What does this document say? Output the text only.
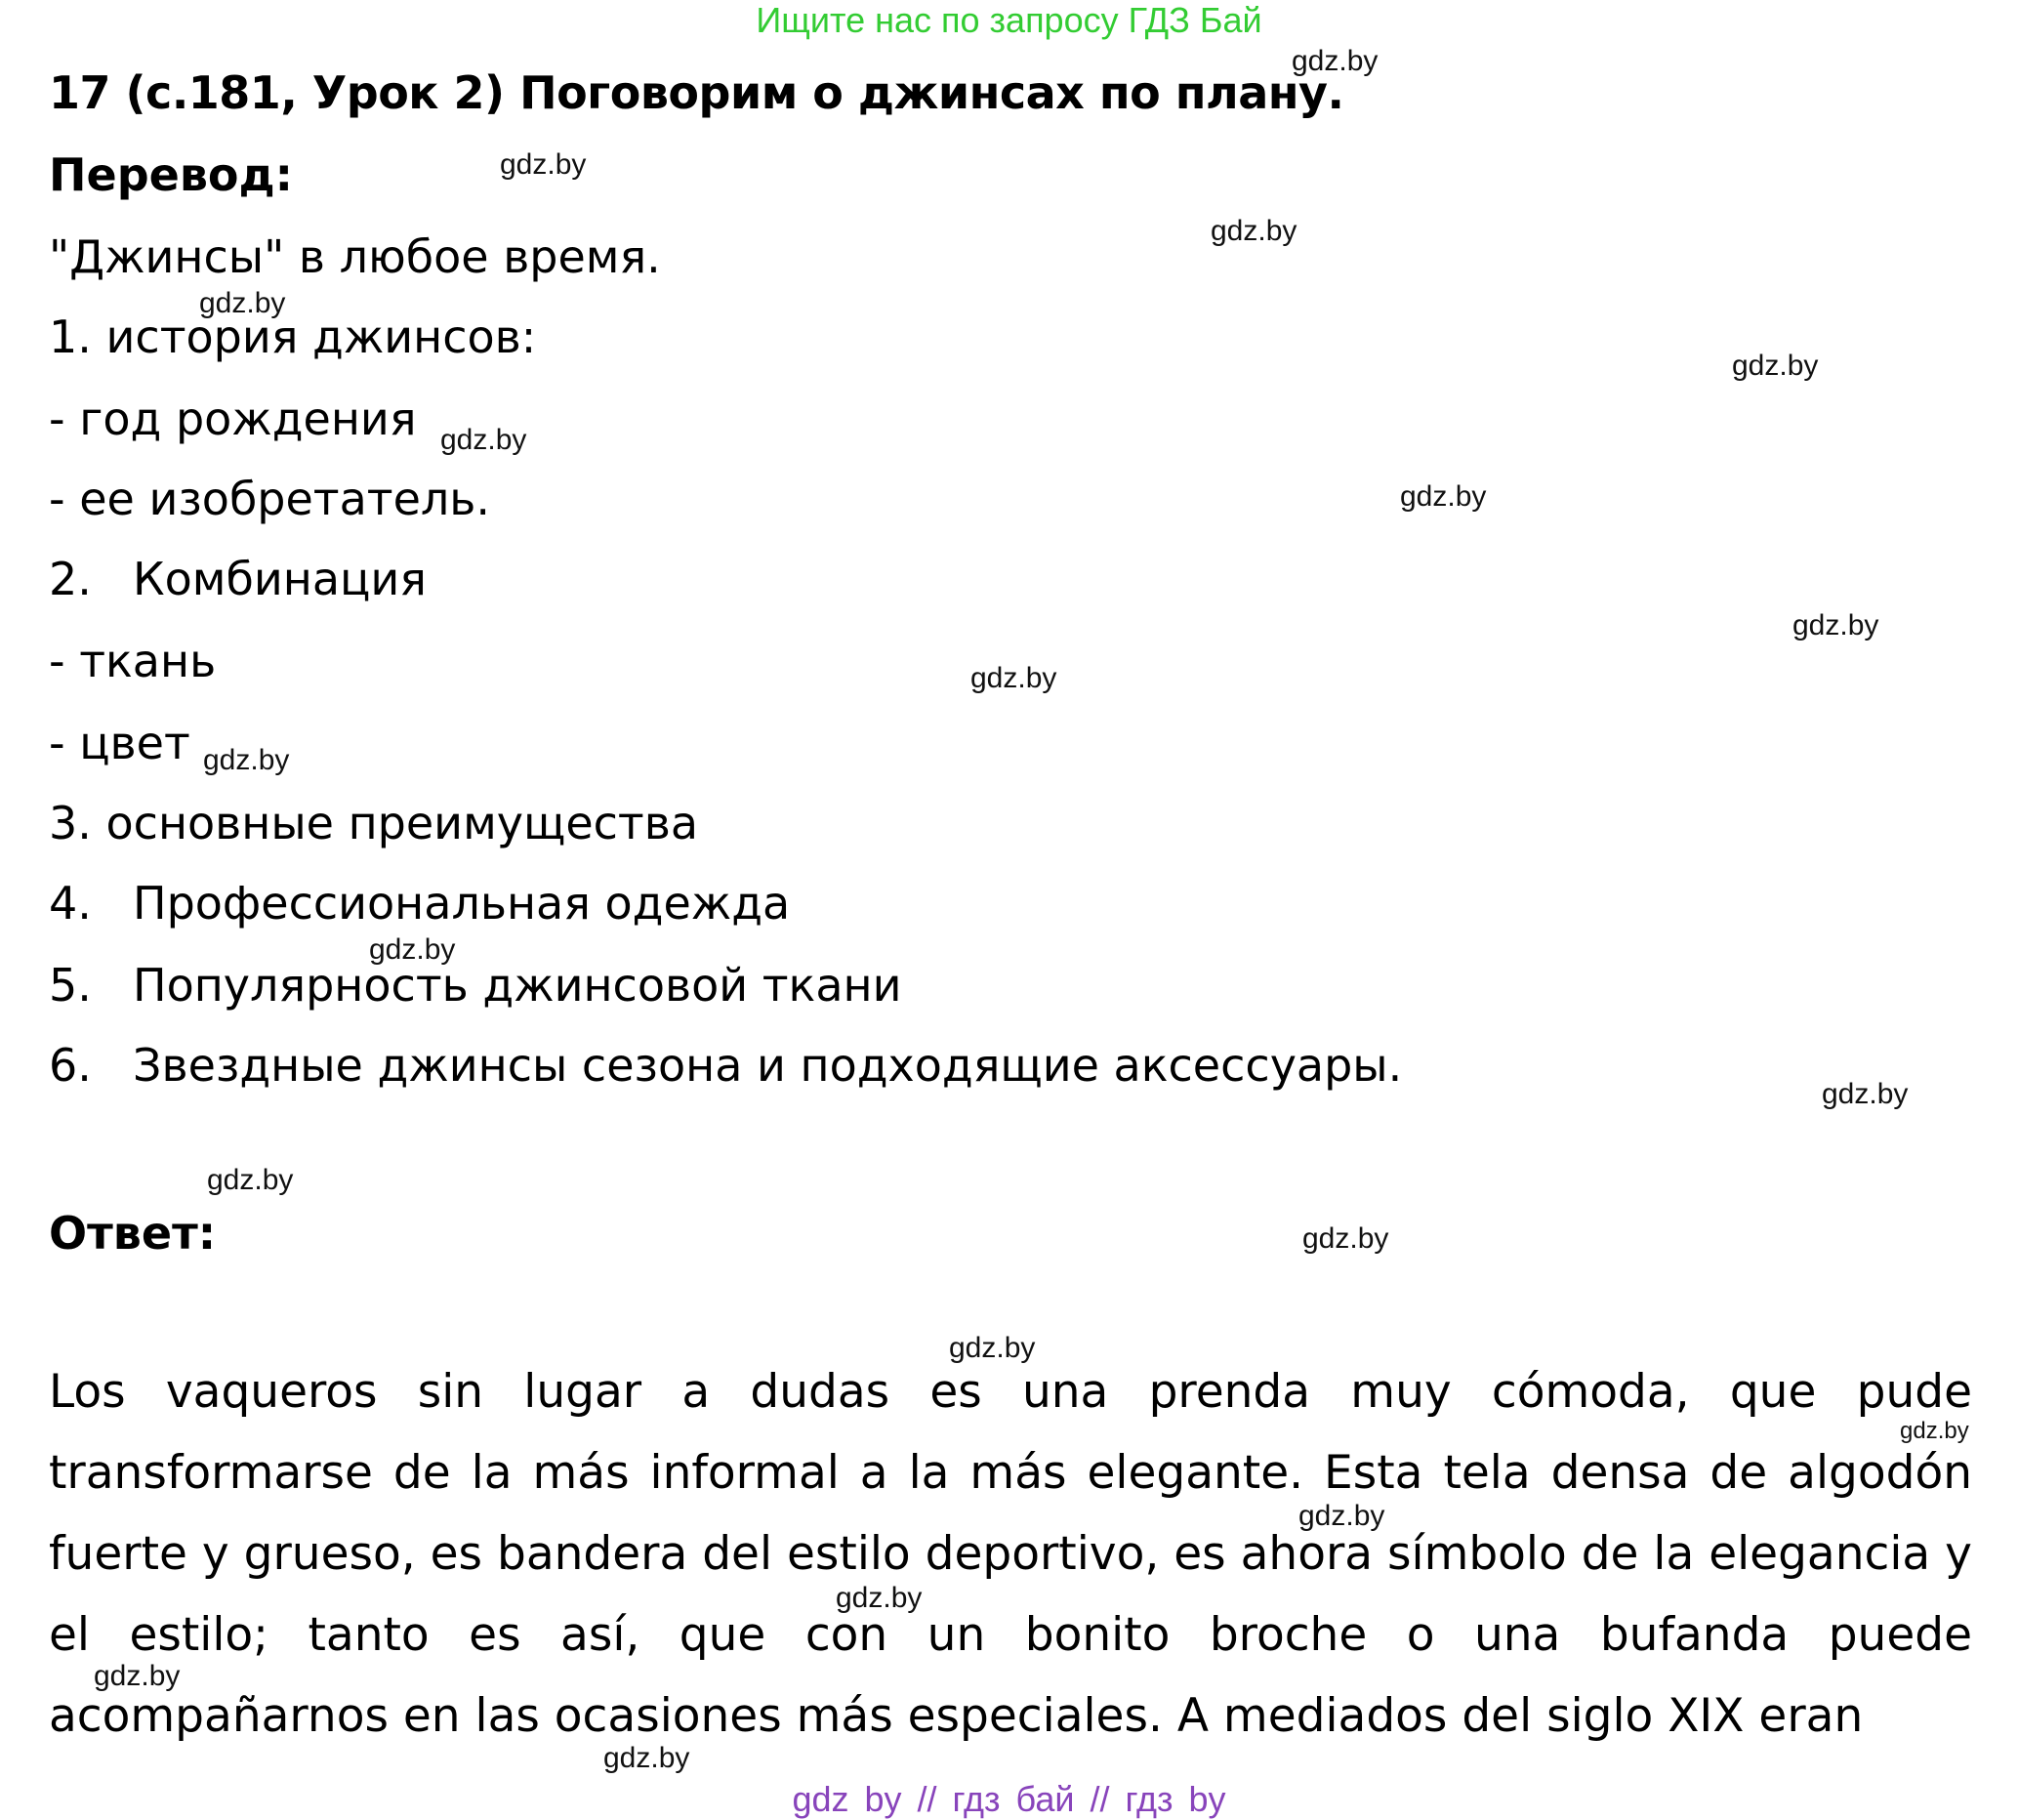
Ищите нас по запросу ГДЗ Бай
17 (с.181, Урок 2) Поговорим о джинсах по плану.
Перевод:
"Джинсы" в любое время.
1. история джинсов:
- год рождения
- ее изобретатель.
2. Комбинация
- ткань
- цвет
3. основные преимущества
4. Профессиональная одежда
5. Популярность джинсовой ткани
6. Звездные джинсы сезона и подходящие аксессуары.
Ответ:

Los vaqueros sin lugar a dudas es una prenda muy cómoda, que pude transformarse de la más informal a la más elegante. Esta tela densa de algodón fuerte y grueso, es bandera del estilo deportivo, es ahora símbolo de la elegancia y el estilo; tanto es así, que con un bonito broche o una bufanda puede acompañarnos en las ocasiones más especiales. A mediados del siglo XIX eran

gdz.by
gdz.by
gdz.by
gdz.by
gdz.by
gdz.by
gdz.by
gdz.by
gdz.by
gdz.by
gdz.by
gdz.by
gdz.by
gdz.by
gdz.by
gdz.by
gdz.by
gdz.by
gdz.by
gdz.by
gdz by // гдз бай // гдз by
